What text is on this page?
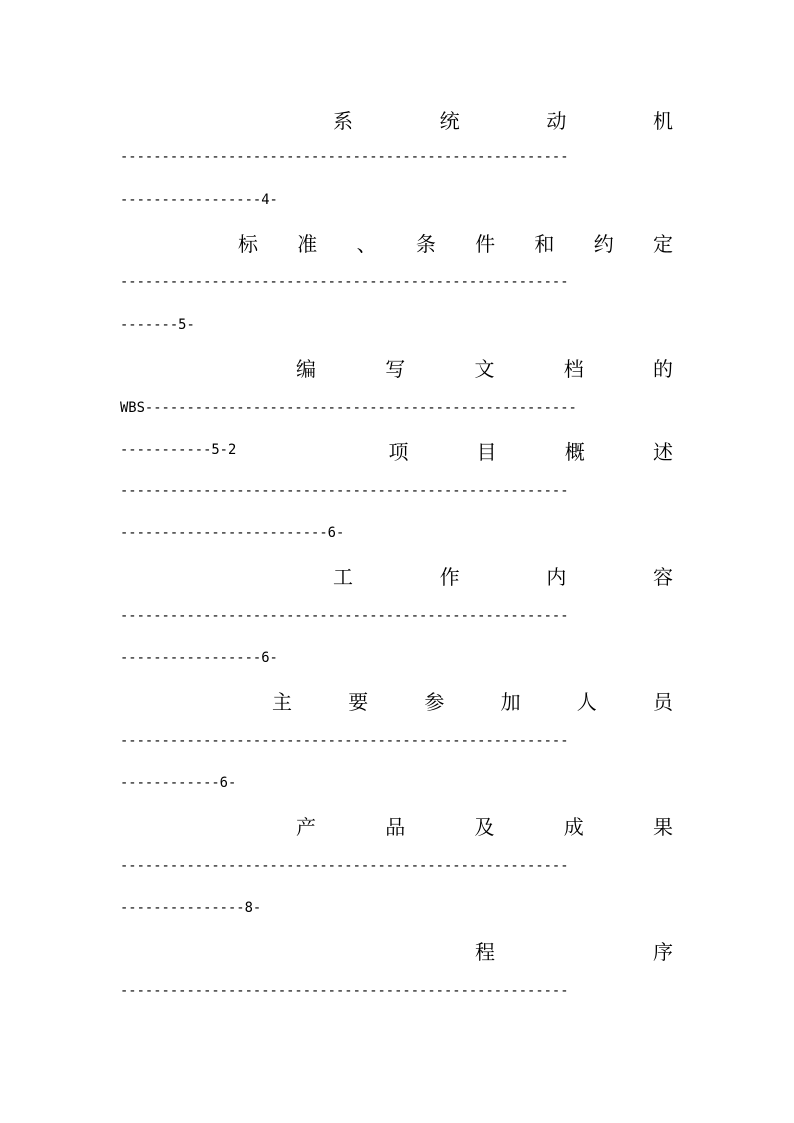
系	统	动	机
------------------------------------------------------
-----------------4-
标 准 、 条 件 和 约 定
------------------------------------------------------
-------5-
编	写	文	档	的
WBS----------------------------------------------------
-----------5-2	项	目	概	述
------------------------------------------------------
-------------------------6-
工	作	内	容
------------------------------------------------------
-----------------6-
主	要	参	加	人	员
------------------------------------------------------
------------6-
产	品	及	成	果
------------------------------------------------------
---------------8-
程	序
------------------------------------------------------
